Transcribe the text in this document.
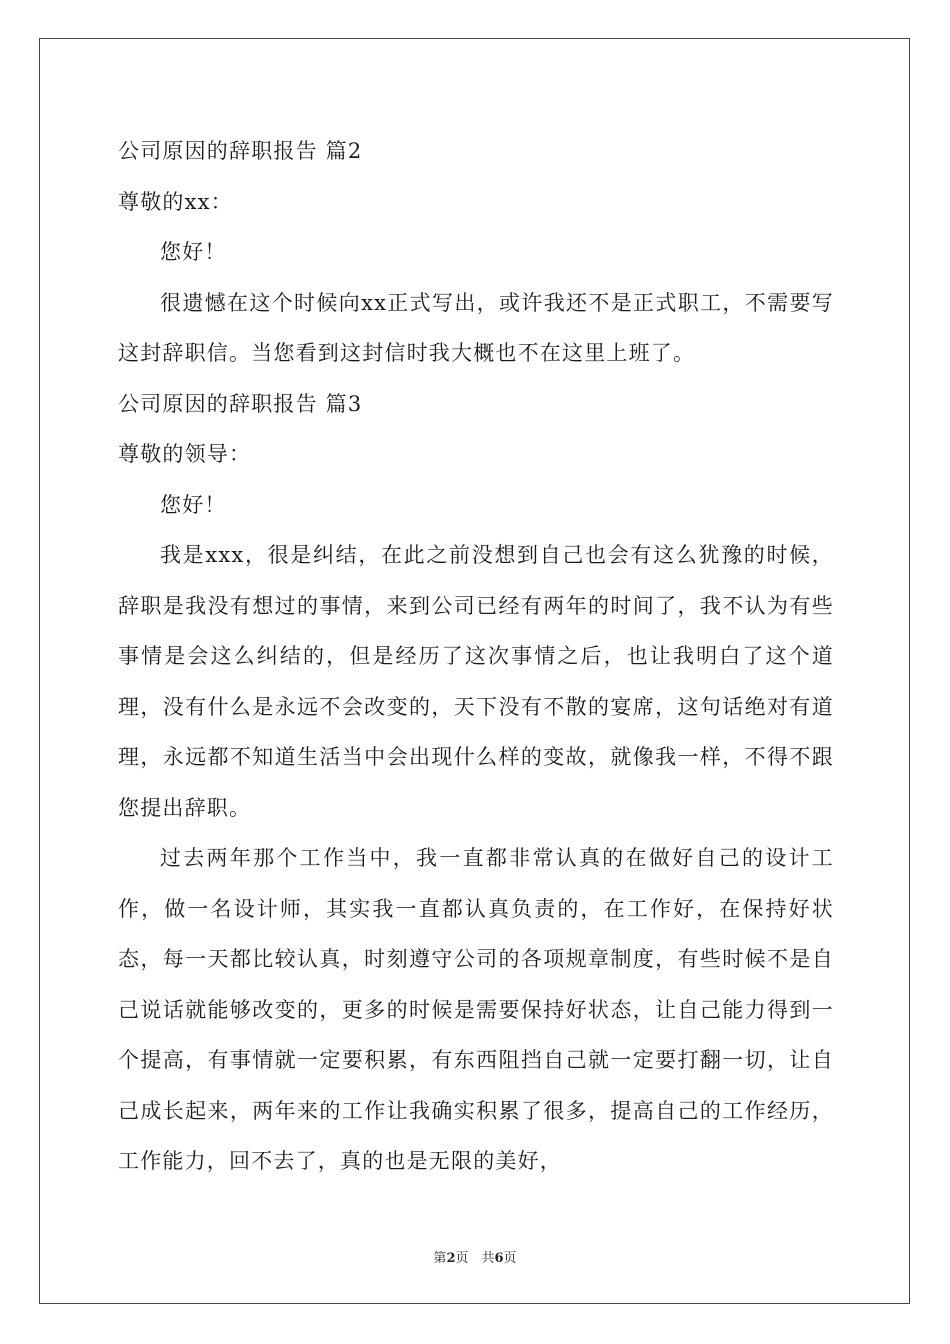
公司原因的辞职报告 篇2
尊敬的xx：
您好！

很遗憾在这个时候向xx正式写出，或许我还不是正式职工，不需要写这封辞职信。当您看到这封信时我大概也不在这里上班了。

公司原因的辞职报告 篇3
尊敬的领导：
您好！

我是xxx，很是纠结，在此之前没想到自己也会有这么犹豫的时候，辞职是我没有想过的事情，来到公司已经有两年的时间了，我不认为有些事情是会这么纠结的，但是经历了这次事情之后，也让我明白了这个道理，没有什么是永远不会改变的，天下没有不散的宴席，这句话绝对有道理，永远都不知道生活当中会出现什么样的变故，就像我一样，不得不跟您提出辞职。

过去两年那个工作当中，我一直都非常认真的在做好自己的设计工作，做一名设计师，其实我一直都认真负责的，在工作好，在保持好状态，每一天都比较认真，时刻遵守公司的各项规章制度，有些时候不是自己说话就能够改变的，更多的时候是需要保持好状态，让自己能力得到一个提高，有事情就一定要积累，有东西阻挡自己就一定要打翻一切，让自己成长起来，两年来的工作让我确实积累了很多，提高自己的工作经历，工作能力，回不去了，真的也是无限的美好，

第2页　共6页
